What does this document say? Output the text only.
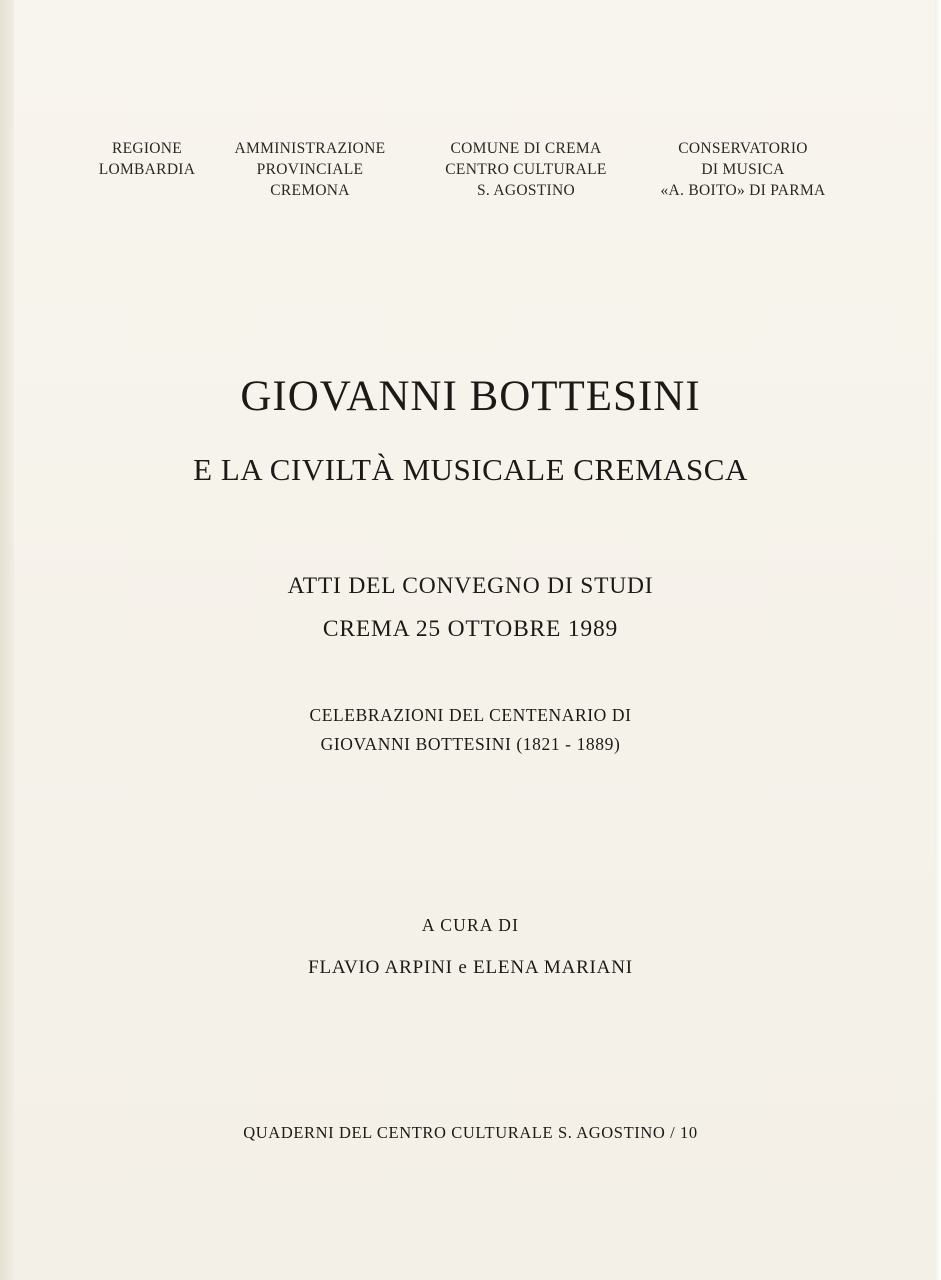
REGIONE
LOMBARDIA
AMMINISTRAZIONE
PROVINCIALE
CREMONA
COMUNE DI CREMA
CENTRO CULTURALE
S. AGOSTINO
CONSERVATORIO
DI MUSICA
«A. BOITO» DI PARMA
GIOVANNI BOTTESINI
E LA CIVILTÀ MUSICALE CREMASCA
ATTI DEL CONVEGNO DI STUDI
CREMA 25 OTTOBRE 1989
CELEBRAZIONI DEL CENTENARIO DI
GIOVANNI BOTTESINI (1821 - 1889)
A CURA DI
FLAVIO ARPINI e ELENA MARIANI
QUADERNI DEL CENTRO CULTURALE S. AGOSTINO / 10
